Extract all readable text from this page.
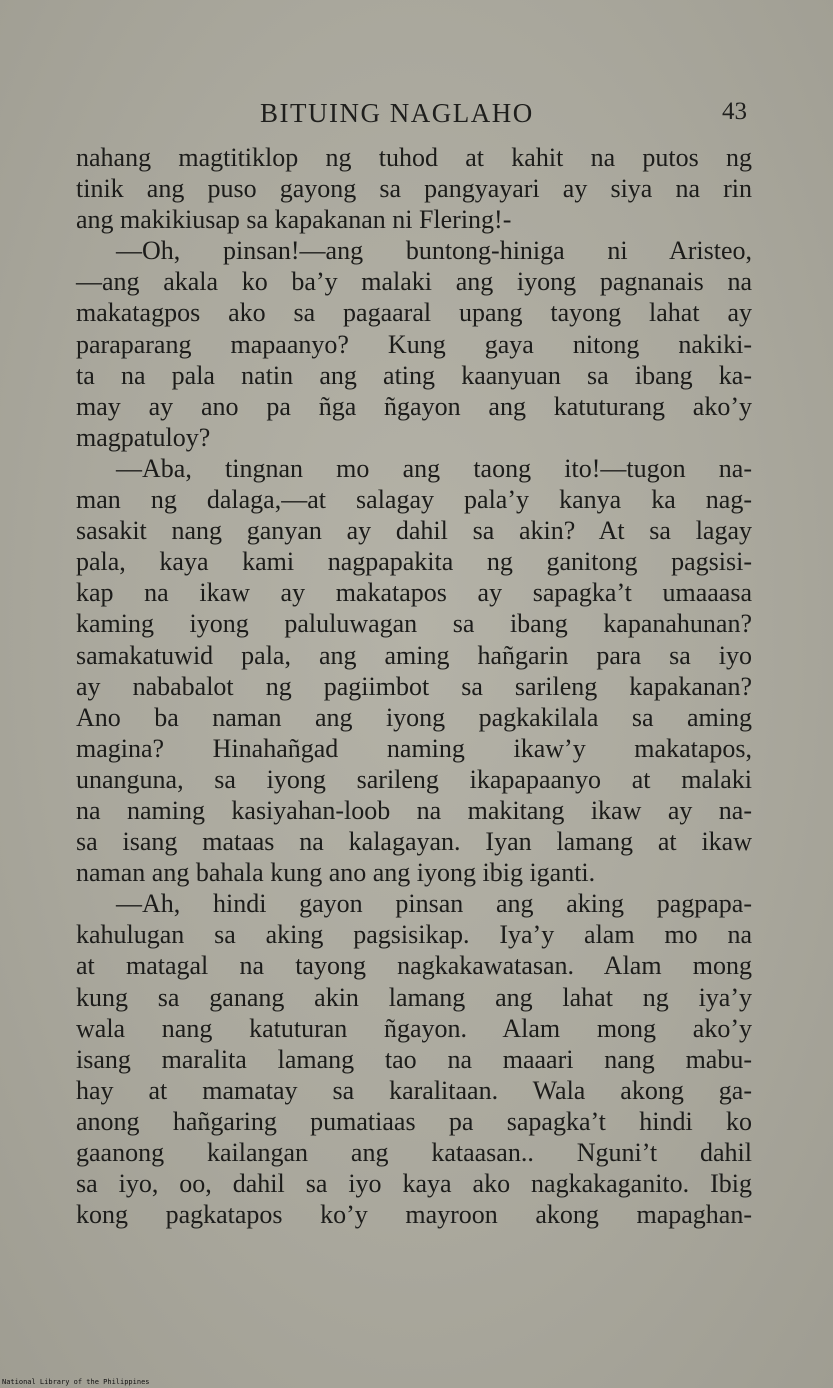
BITUING NAGLAHO	43
nahang magtitiklop ng tuhod at kahit na putos ng
tinik ang puso gayong sa pangyayari ay siya na rin
ang makikiusap sa kapakanan ni Flering!-
—Oh, pinsan!—ang buntong-hiniga ni Aristeo,
—ang akala ko ba’y malaki ang iyong pagnanais na
makatagpos ako sa pagaaral upang tayong lahat ay
paraparang mapaanyo? Kung gaya nitong nakiki-
ta na pala natin ang ating kaanyuan sa ibang ka-
may ay ano pa ñga ñgayon ang katuturang ako’y
magpatuloy?
—Aba, tingnan mo ang taong ito!—tugon na-
man ng dalaga,—at salagay pala’y kanya ka nag-
sasakit nang ganyan ay dahil sa akin? At sa lagay
pala, kaya kami nagpapakita ng ganitong pagsisi-
kap na ikaw ay makatapos ay sapagka’t umaaasa
kaming iyong paluluwagan sa ibang kapanahunan?
samakatuwid pala, ang aming hañgarin para sa iyo
ay nababalot ng pagiimbot sa sarileng kapakanan?
Ano ba naman ang iyong pagkakilala sa aming
magina? Hinahañgad naming ikaw’y makatapos,
unanguna, sa iyong sarileng ikapapaanyo at malaki
na naming kasiyahan-loob na makitang ikaw ay na-
sa isang mataas na kalagayan. Iyan lamang at ikaw
naman ang bahala kung ano ang iyong ibig iganti.
—Ah, hindi gayon pinsan ang aking pagpapa-
kahulugan sa aking pagsisikap. Iya’y alam mo na
at matagal na tayong nagkakawatasan. Alam mong
kung sa ganang akin lamang ang lahat ng iya’y
wala nang katuturan ñgayon. Alam mong ako’y
isang maralita lamang tao na maaari nang mabu-
hay at mamatay sa karalitaan. Wala akong ga-
anong hañgaring pumatiaas pa sapagka’t hindi ko
gaanong kailangan ang kataasan.. Nguni’t dahil
sa iyo, oo, dahil sa iyo kaya ako nagkakaganito. Ibig
kong pagkatapos ko’y mayroon akong mapaghan-
National Library of the Philippines
